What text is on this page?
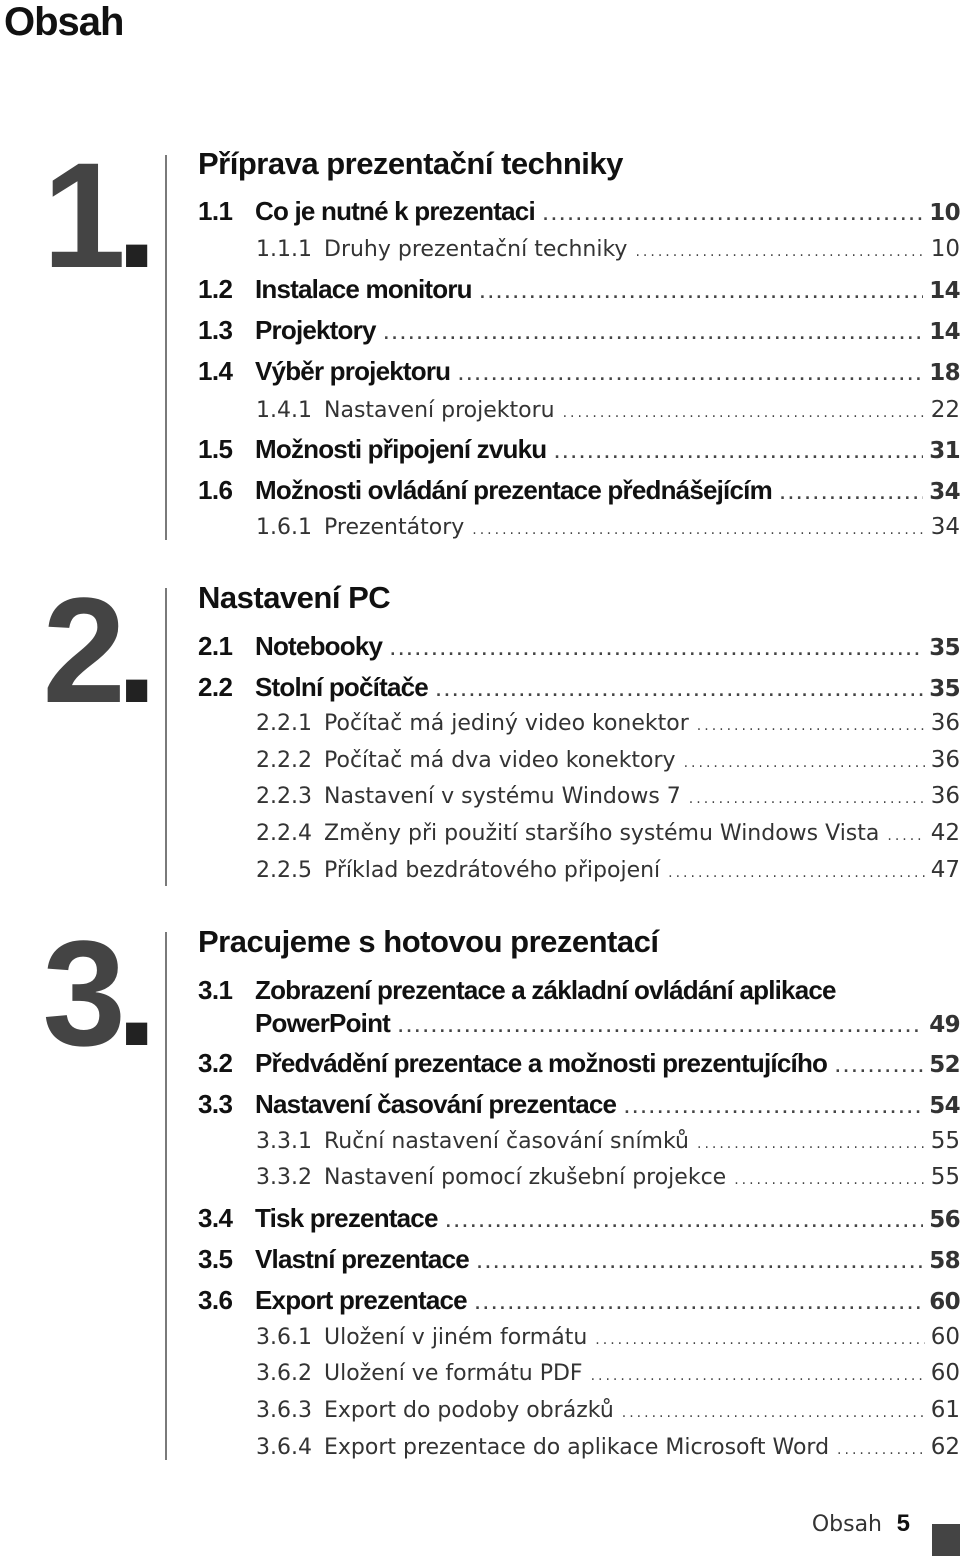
Obsah
1.	Příprava prezentační techniky
1.1 Co je nutné k prezentaci .....	10
1.1.1 Druhy prezentační techniky .....	10
1.2 Instalace monitoru .....	14
1.3 Projektory .....	14
1.4 Výběr projektoru .....	18
1.4.1 Nastavení projektoru .....	22
1.5 Možnosti připojení zvuku .....	31
1.6 Možnosti ovládání prezentace přednášejícím .....	34
1.6.1 Prezentátory .....	34
2.	Nastavení PC
2.1 Notebooky .....	35
2.2 Stolní počítače .....	35
2.2.1 Počítač má jediný video konektor .....	36
2.2.2 Počítač má dva video konektory .....	36
2.2.3 Nastavení v systému Windows 7 .....	36
2.2.4 Změny při použití staršího systému Windows Vista ..... 42
2.2.5 Příklad bezdrátového připojení .....	47
3.	Pracujeme s hotovou prezentací
3.1 Zobrazení prezentace a základní ovládání aplikace
PowerPoint .....	49
3.2 Předvádění prezentace a možnosti prezentujícího .....	52
3.3 Nastavení časování prezentace .....	54
3.3.1 Ruční nastavení časování snímků .....	55
3.3.2 Nastavení pomocí zkušební projekce .....	55
3.4 Tisk prezentace .....	56
3.5 Vlastní prezentace .....	58
3.6 Export prezentace .....	60
3.6.1 Uložení v jiném formátu .....	60
3.6.2 Uložení ve formátu PDF .....	60
3.6.3 Export do podoby obrázků .....	61
3.6.4 Export prezentace do aplikace Microsoft Word .....	62
Obsah 5
